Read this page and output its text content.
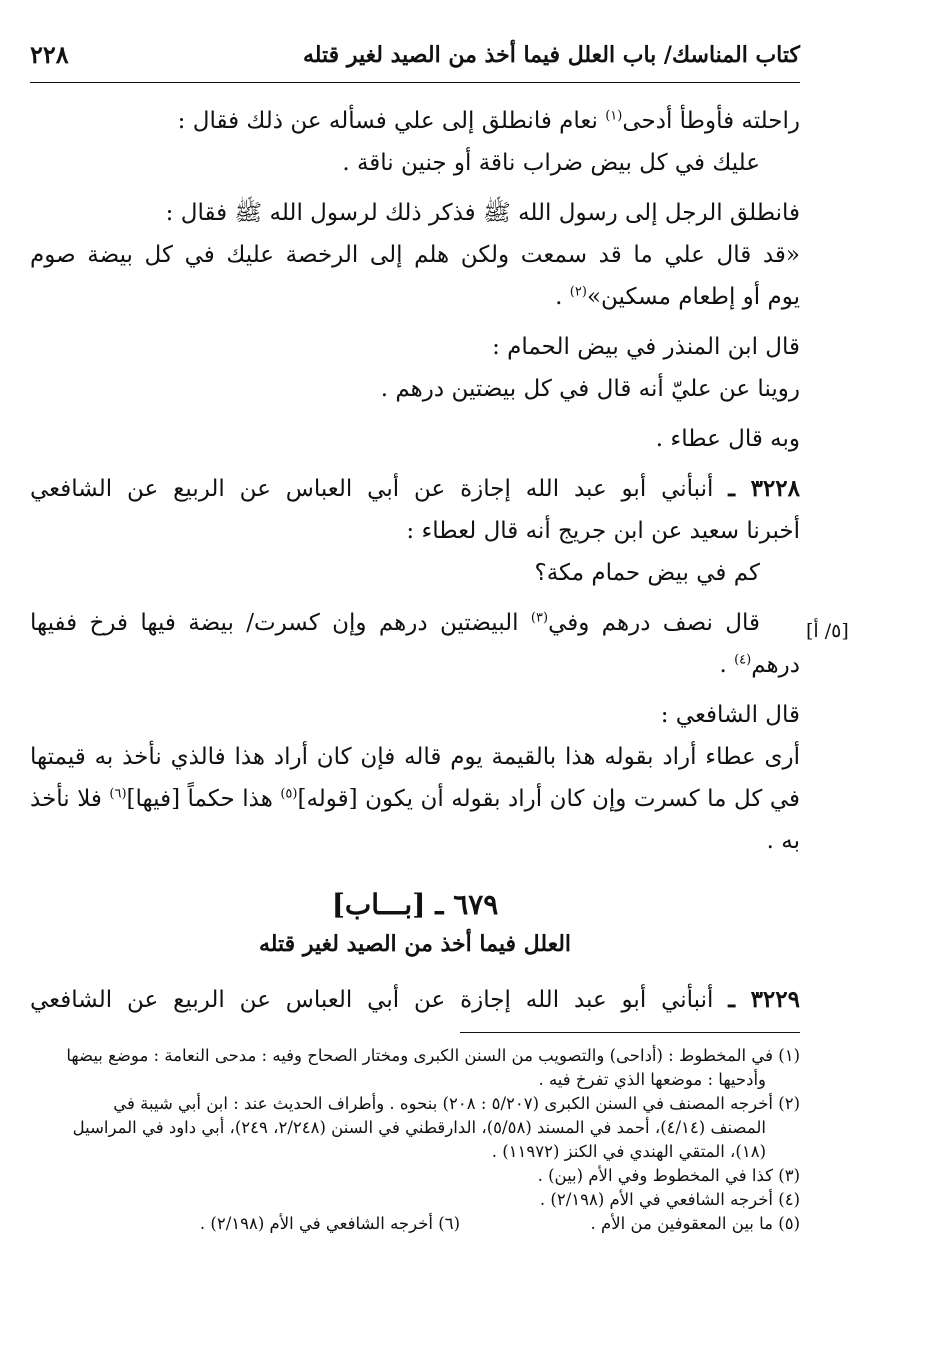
كتاب المناسك/ باب العلل فيما أخذ من الصيد لغير قتله
٢٢٨
[٥/ أ]
راحلته فأوطأ أدحى$^{(١)}$ نعام فانطلق إلى علي فسأله عن ذلك فقال :
عليك في كل بيض ضراب ناقة أو جنين ناقة .
فانطلق الرجل إلى رسول الله ﷺ فذكر ذلك لرسول الله ﷺ فقال :
«قد قال علي ما قد سمعت ولكن هلم إلى الرخصة عليك في كل بيضة صوم
يوم أو إطعام مسكين»$^{(٢)}$ .
قال ابن المنذر في بيض الحمام :
روينا عن عليّ أنه قال في كل بيضتين درهم .
وبه قال عطاء .
٣٢٢٨ ـ أنبأني أبو عبد الله إجازة عن أبي العباس عن الربيع عن الشافعي
أخبرنا سعيد عن ابن جريج أنه قال لعطاء :
كم في بيض حمام مكة؟
قال نصف درهم وفي$^{(٣)}$ البيضتين درهم وإن كسرت/ بيضة فيها فرخ ففيها
درهم$^{(٤)}$ .
قال الشافعي :
أرى عطاء أراد بقوله هذا بالقيمة يوم قاله فإن كان أراد هذا فالذي نأخذ به قيمتها
في كل ما كسرت وإن كان أراد بقوله أن يكون [قوله]$^{(٥)}$ هذا حكماً [فيها]$^{(٦)}$ فلا نأخذ
به .
٦٧٩ ـ [بـــاب]
العلل فيما أخذ من الصيد لغير قتله
٣٢٢٩ ـ أنبأني أبو عبد الله إجازة عن أبي العباس عن الربيع عن الشافعي
(١) في المخطوط : (أداحى) والتصويب من السنن الكبرى ومختار الصحاح وفيه : مدحى النعامة : موضع بيضها
وأدحيها : موضعها الذي تفرخ فيه .
(٢) أخرجه المصنف في السنن الكبرى (٥/٢٠٧ : ٢٠٨) بنحوه . وأطراف الحديث عند : ابن أبي شيبة في
المصنف (٤/١٤)، أحمد في المسند (٥/٥٨)، الدارقطني في السنن (٢/٢٤٨، ٢٤٩)، أبي داود في المراسيل
(١٨)، المتقي الهندي في الكنز (١١٩٧٢) .
(٣) كذا في المخطوط وفي الأم (بين) .
(٤) أخرجه الشافعي في الأم (٢/١٩٨) .
(٥) ما بين المعقوفين من الأم .
(٦) أخرجه الشافعي في الأم (٢/١٩٨) .
